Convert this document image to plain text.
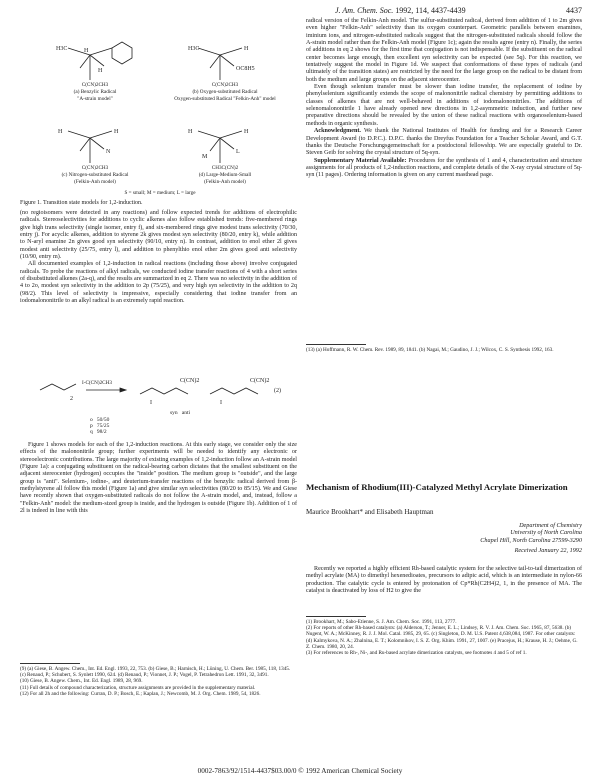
J. Am. Chem. Soc. 1992, 114, 4437-4439	4437
H3C	H
H
H3C	H
OC8H5
H	H
N
H	H
L
M
C(CN)2CH3
(a) Benzylic Radical
"A-strain model"
C(CN)2CH3
(b) Oxygen-substituted Radical
Oxygen-substituted Radical "Felkin-Anh" model
C(CN)2CH3
(c) Nitrogen-substituted Radical
(Felkin-Anh model)
CH3C(CN)2
(d) Large-Medium-Small
(Felkin-Anh model)
S = small; M = medium; L = large
Figure 1. Transition state models for 1,2-induction.

(no regioisomers were detected in any reactions) and follow expected trends for additions of electrophilic radicals. Stereoselectivities for additions to cyclic alkenes also follow established trends: five-membered rings give high trans selectivity (single isomer, entry f), and six-membered rings give modest trans selectivity (70/30, entry j). For acyclic alkenes, addition to styrene 2k gives modest syn selectivity (80/20, entry k), while addition to N-aryl enamine 2n gives good syn selectivity (90/10, entry n). In contrast, addition to enol ether 2l gives modest anti selectivity (25/75, entry l), and addition to phenylthio enol ether 2m gives good anti selectivity (10/90, entry m).

All documented examples of 1,2-induction in radical reactions (including those above) involve conjugated radicals. To probe the reactions of alkyl radicals, we conducted iodine transfer reactions of 4 with a short series of disubstituted alkenes (2a-q), and the results are summarized in eq 2. There was no selectivity in the addition of 4 to 2o, modest syn selectivity in the addition to 2p (75/25), and very high syn selectivity in the addition to 2q (98/2). This level of selectivity is impressive, especially considering that iodine transfer from an iodomalononitrile to an alkyl radical is an extremely rapid reaction.

2
I
C(CN)2
I
C(CN)2
(2)
I-C(CN)2CH3
syn   anti
o   50/50
p   75/25
q   98/2

Figure 1 shows models for each of the 1,2-induction reactions. At this early stage, we consider only the size effects of the malononitrile group; further experiments will be needed to identify any electronic or stereoelectronic contributions. The large majority of existing examples of 1,2-induction follow an A-strain model (Figure 1a): a conjugating substituent on the radical-bearing carbon dictates that the smallest substituent on the adjacent stereocenter (hydrogen) occupies the "inside" position. The medium group is "outside", and the large group is "anti". Selenium-, iodine-, and deuterium-transfer reactions of the benzylic radical derived from β-methylstyrene all follow this model (Figure 1a) and give similar syn selectivities (80/20 to 85/15). We and Giese have recently shown that oxygen-substituted radicals do not follow the A-strain model, and, instead, follow a "Felkin-Anh" model: the medium-sized group is inside, and the hydrogen is outside (Figure 1b). Addition of 1 of 2l is indeed in line with this

(9) (a) Giese, B. Angew. Chem., Int. Ed. Engl. 1993, 22, 753. (b) Giese, B.; Harnisch, H.; Lüning, U. Chem. Ber. 1985, 118, 1345. (c) Renaud, P.; Schubert, S. Synlett 1990, 624. (d) Renaud, P.; Vionnet, J. P.; Vogel, P. Tetrahedron Lett. 1991, 32, 3491.
(10) Giese, B. Angew. Chem., Int. Ed. Engl. 1989, 28, 969.
(11) Full details of compound characterization, structure assignments are provided in the supplementary material.
(12) For all 2h and the following: Curran, D. P.; Bosch, E.; Kaplan, J.; Newcomb, M. J. Org. Chem. 1989, 54, 1826.

radical version of the Felkin-Anh model. The sulfur-substituted radical, derived from addition of 1 to 2m gives even higher "Felkin-Anh" selectivity than its oxygen counterpart. Geometric parallels between enamines, iminium ions, and nitrogen-substituted radicals suggest that the nitrogen-substituted radicals should follow the A-strain model rather than the Felkin-Anh model (Figure 1c); again the results agree (entry n). Finally, the series of additions in eq 2 shows for the first time that conjugation is not indispensable. If the substituent on the radical center becomes large enough, then excellent syn selectivity can be expected (see 5q). For this reaction, we tentatively suggest the model in Figure 1d. We suspect that conformations of these types of radicals (and ultimately of the transition states) are restricted by the need for the large group on the radical to be distant from both the medium and large groups on the adjacent stereocenter.

Even though selenium transfer must be slower than iodine transfer, the replacement of iodine by phenylselenium significantly extends the scope of malononitrile radical chemistry by permitting additions to classes of alkenes that are not well-behaved in additions of iodomalononitriles. The additions of selenomalononitrile 1 have already opened new directions in 1,2-asymmetric induction, and further new preparative directions should be revealed by the union of these radical reactions with organoselenium-based methods in organic synthesis.

Acknowledgment. We thank the National Institutes of Health for funding and for a Research Career Development Award (to D.P.C.). D.P.C. thanks the Dreyfus Foundation for a Teacher Scholar Award, and G.T. thanks the Deutsche Forschungsgemeinschaft for a postdoctoral fellowship. We are especially grateful to Dr. Steven Geib for solving the crystal structure of 5q-syn.

Supplementary Material Available: Procedures for the synthesis of 1 and 4, characterization and structure assignments for all products of 1,2-induction reactions, and complete details of the X-ray crystal structure of 5q-syn (11 pages). Ordering information is given on any current masthead page.

(13) (a) Hoffmann, R. W. Chem. Rev. 1989, 89, 1841. (b) Nagai, M.; Gaudino, J. J.; Wilcox, C. S. Synthesis 1992, 163.
Mechanism of Rhodium(III)-Catalyzed Methyl Acrylate Dimerization
Maurice Brookhart* and Elisabeth Hauptman
Department of Chemistry
University of North Carolina
Chapel Hill, North Carolina 27599-3290
Received January 22, 1992

Recently we reported a highly efficient Rh-based catalytic system for the selective tail-to-tail dimerization of methyl acrylate (MA) to dimethyl hexenedioates, precursors to adipic acid, which is an intermediate in nylon-66 production. The catalytic cycle is entered by protonation of Cp*Rh(C2H4)2, 1, in the presence of MA. The catalyst is deactivated by loss of H2 to give the

(1) Brookhart, M.; Sabo-Etienne, S. J. Am. Chem. Soc. 1991, 113, 2777.
(2) For reports of other Rh-based catalysts: (a) Alderson, T.; Jenner, E. L.; Lindsey, R. V. J. Am. Chem. Soc. 1965, 87, 5638. (b) Nugent, W. A.; McKinney, R. J. J. Mol. Catal. 1985, 29, 65. (c) Singleton, D. M. U.S. Patent 4,638,084, 1987. For other catalysts: (d) Kalmykova, N. A.; Zhalnina, E. T.; Kolomnikov, I. S. Z. Org. Khim. 1991, 27, 1007. (e) Pracejus, H.; Krause, H. J.; Oehme, G. Z. Chem. 1980, 20, 24.
(3) For references to Rh-, Ni-, and Ru-based acrylate dimerization catalysts, see footnotes 4 and 5 of ref 1.
0002-7863/92/1514-4437$03.00/0 © 1992 American Chemical Society
